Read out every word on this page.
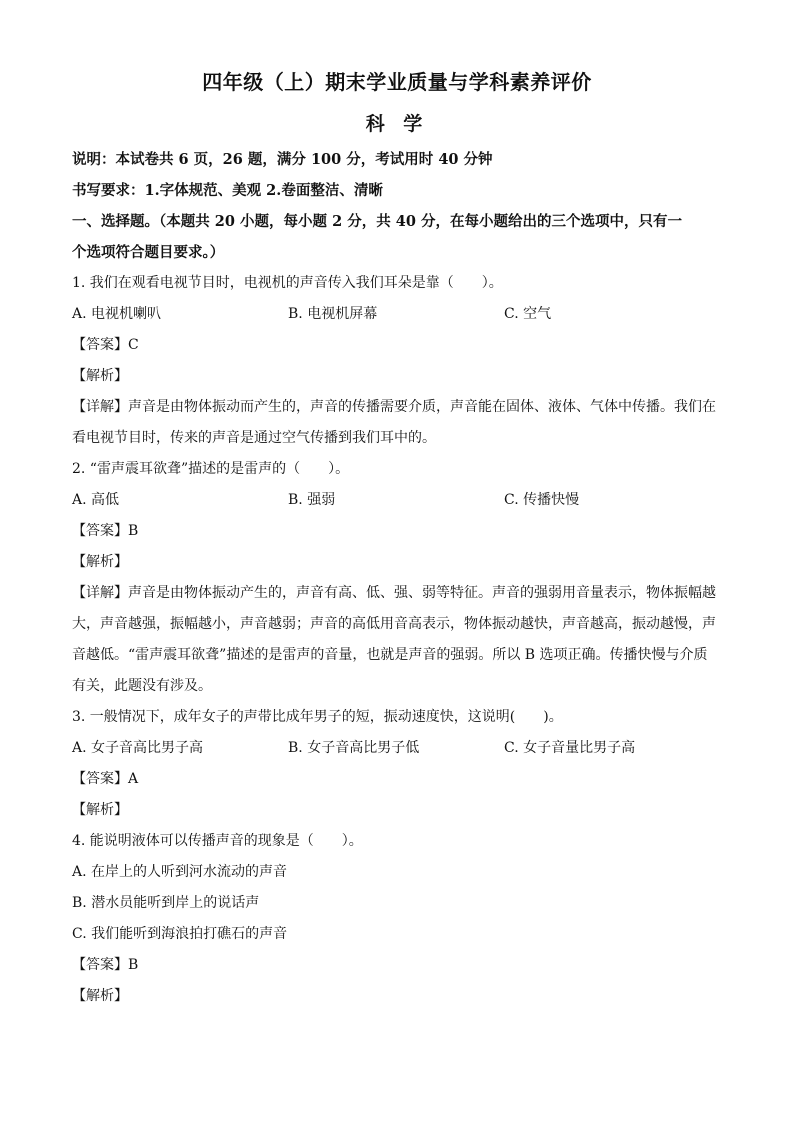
四年级（上）期末学业质量与学科素养评价
科 学

说明：本试卷共 6 页，26 题，满分 100 分，考试用时 40 分钟

书写要求：1.字体规范、美观 2.卷面整洁、清晰

一、选择题。（本题共 20 小题，每小题 2 分，共 40 分，在每小题给出的三个选项中，只有一

个选项符合题目要求。）

1. 我们在观看电视节目时，电视机的声音传入我们耳朵是靠（　　）。

A. 电视机喇叭	B. 电视机屏幕	C. 空气

【答案】C

【解析】

【详解】声音是由物体振动而产生的，声音的传播需要介质，声音能在固体、液体、气体中传播。我们在

看电视节目时，传来的声音是通过空气传播到我们耳中的。

2. “雷声震耳欲聋”描述的是雷声的（　　）。

A. 高低	B. 强弱	C. 传播快慢

【答案】B

【解析】

【详解】声音是由物体振动产生的，声音有高、低、强、弱等特征。声音的强弱用音量表示，物体振幅越

大，声音越强，振幅越小，声音越弱；声音的高低用音高表示，物体振动越快，声音越高，振动越慢，声

音越低。“雷声震耳欲聋”描述的是雷声的音量，也就是声音的强弱。所以 B 选项正确。传播快慢与介质

有关，此题没有涉及。

3. 一般情况下，成年女子的声带比成年男子的短，振动速度快，这说明(　　)。

A. 女子音高比男子高	B. 女子音高比男子低	C. 女子音量比男子高

【答案】A

【解析】

4. 能说明液体可以传播声音的现象是（　　）。

A. 在岸上的人听到河水流动的声音

B. 潜水员能听到岸上的说话声

C. 我们能听到海浪拍打礁石的声音

【答案】B

【解析】
